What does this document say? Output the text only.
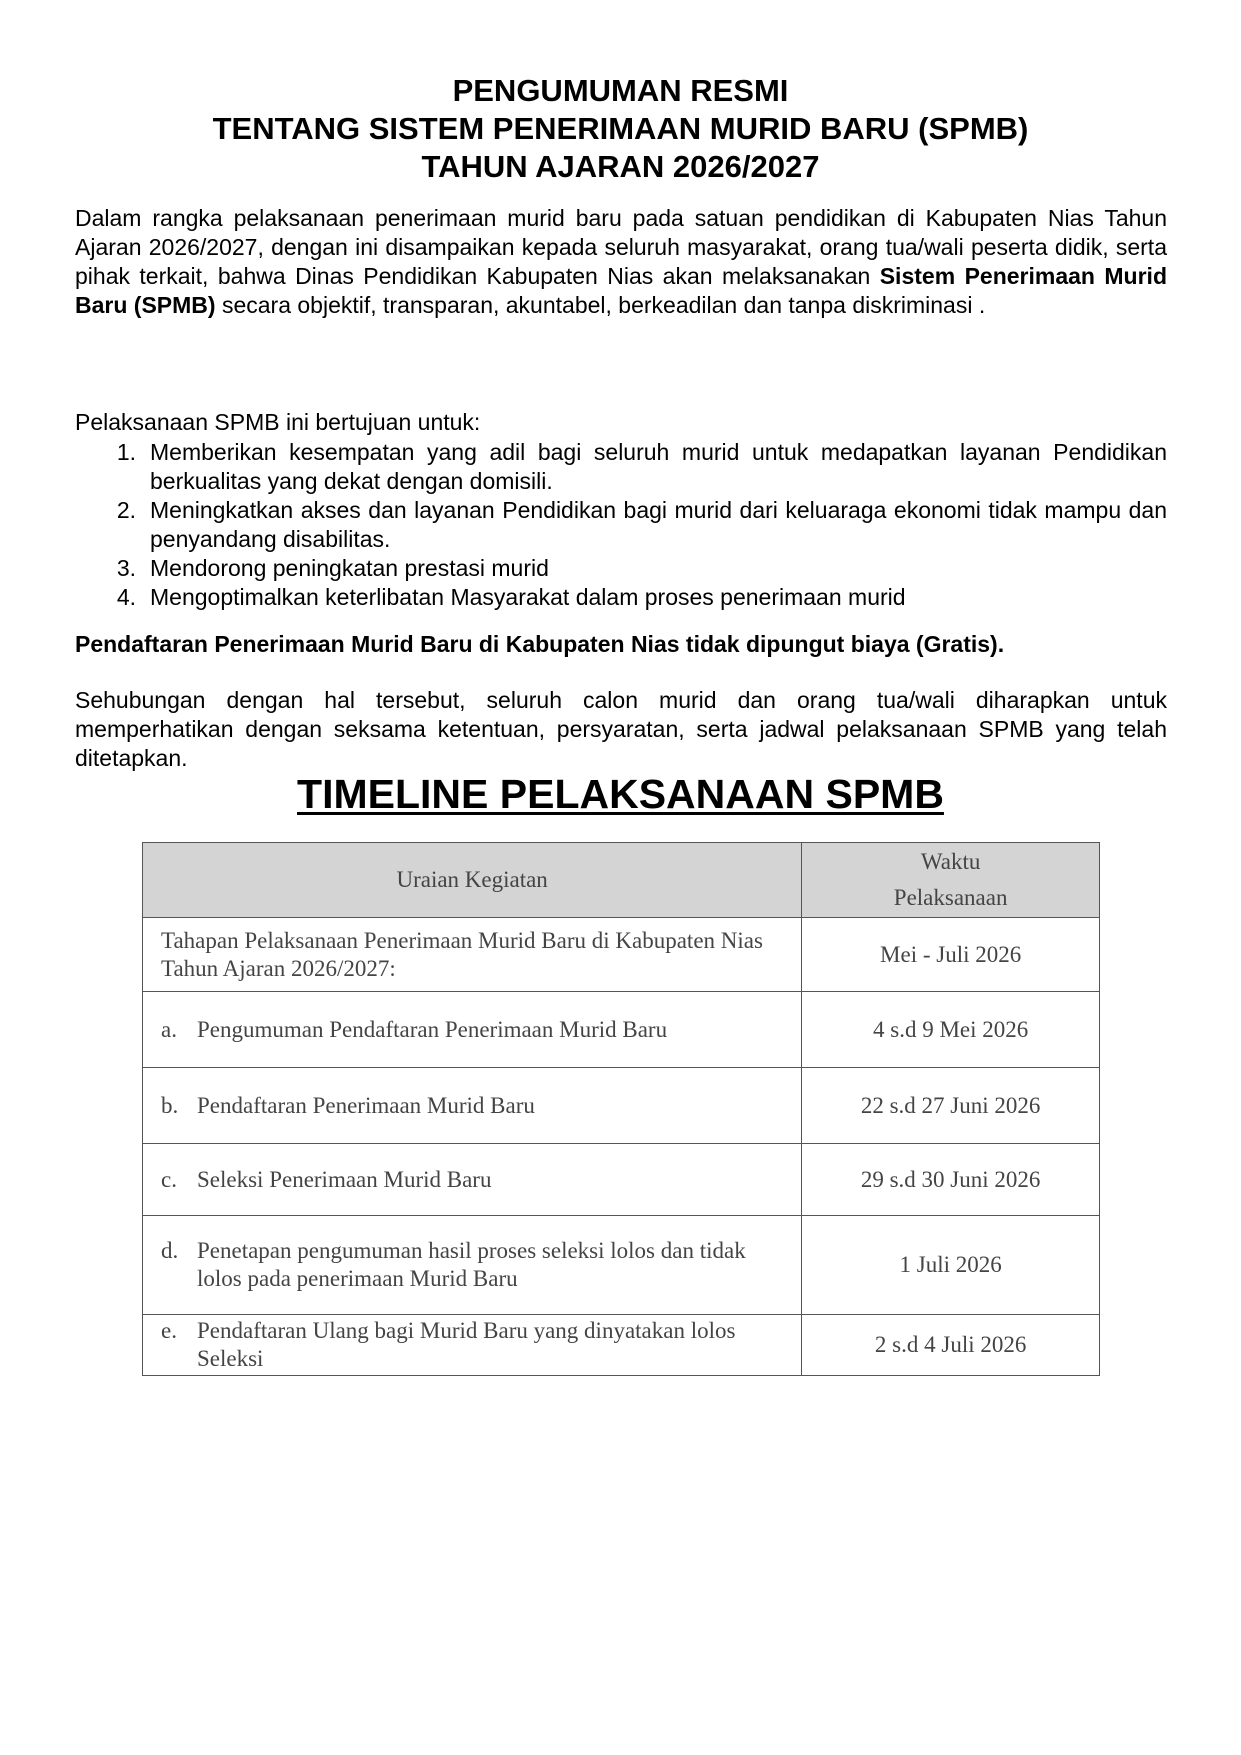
PENGUMUMAN RESMI

TENTANG SISTEM PENERIMAAN MURID BARU (SPMB)

TAHUN AJARAN 2026/2027

Dalam rangka pelaksanaan penerimaan murid baru pada satuan pendidikan di Kabupaten Nias Tahun Ajaran 2026/2027, dengan ini disampaikan kepada seluruh masyarakat, orang tua/wali peserta didik, serta pihak terkait, bahwa Dinas Pendidikan Kabupaten Nias akan melaksanakan Sistem Penerimaan Murid Baru (SPMB) secara objektif, transparan, akuntabel, berkeadilan dan tanpa diskriminasi .

Pelaksanaan SPMB ini bertujuan untuk:

1. Memberikan kesempatan yang adil bagi seluruh murid untuk medapatkan layanan Pendidikan berkualitas yang dekat dengan domisili.
2. Meningkatkan akses dan layanan Pendidikan bagi murid dari keluaraga ekonomi tidak mampu dan penyandang disabilitas.
3. Mendorong peningkatan prestasi murid
4. Mengoptimalkan keterlibatan Masyarakat dalam proses penerimaan murid

Pendaftaran Penerimaan Murid Baru di Kabupaten Nias tidak dipungut biaya (Gratis).

Sehubungan dengan hal tersebut, seluruh calon murid dan orang tua/wali diharapkan untuk memperhatikan dengan seksama ketentuan, persyaratan, serta jadwal pelaksanaan SPMB yang telah ditetapkan.

TIMELINE PELAKSANAAN SPMB
Uraian Kegiatan	Waktu
Pelaksanaan

Tahapan Pelaksanaan Penerimaan Murid Baru di Kabupaten Nias Tahun Ajaran 2026/2027:	Mei - Juli 2026

a. Pengumuman Pendaftaran Penerimaan Murid Baru	4 s.d 9 Mei 2026

b. Pendaftaran Penerimaan Murid Baru	22 s.d 27 Juni 2026

c. Seleksi Penerimaan Murid Baru	29 s.d 30 Juni 2026

d. Penetapan pengumuman hasil proses seleksi lolos dan tidak lolos pada penerimaan Murid Baru	1 Juli 2026

e. Pendaftaran Ulang bagi Murid Baru yang dinyatakan lolos Seleksi	2 s.d 4 Juli 2026
